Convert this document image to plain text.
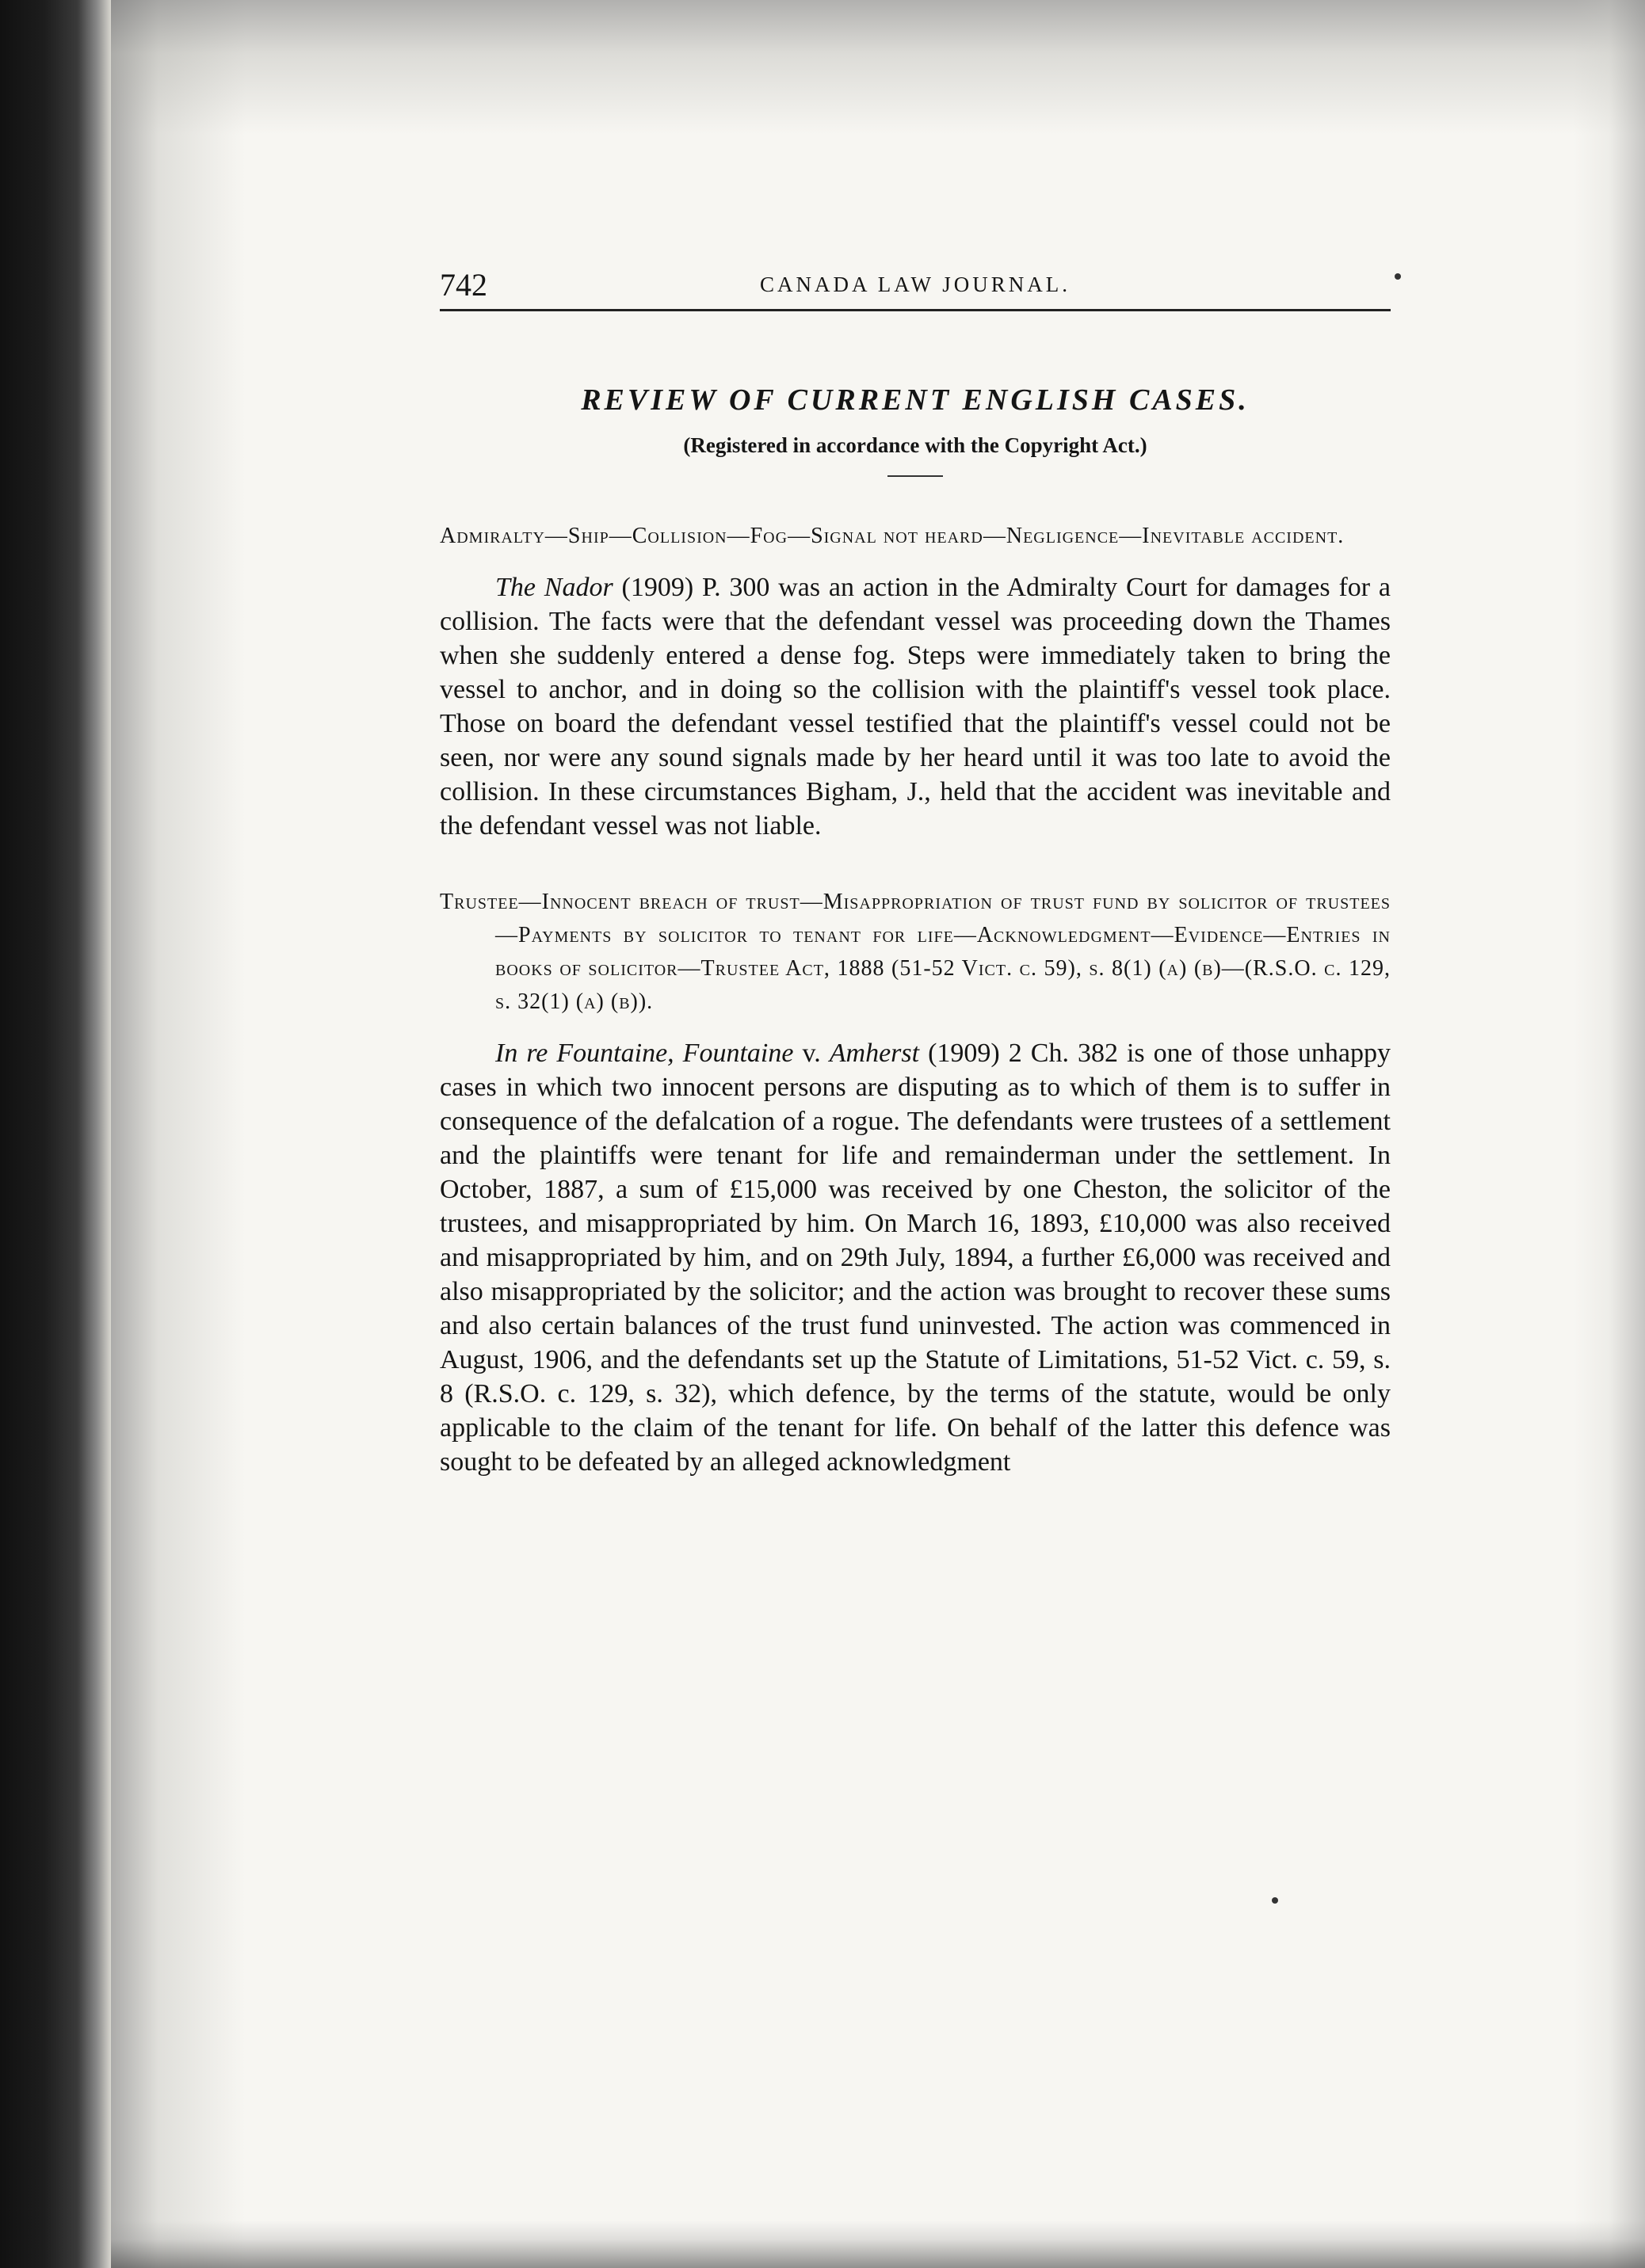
742	CANADA LAW JOURNAL.
REVIEW OF CURRENT ENGLISH CASES.
(Registered in accordance with the Copyright Act.)
Admiralty—Ship—Collision—Fog—Signal not heard—Negligence—Inevitable accident.
The Nador (1909) P. 300 was an action in the Admiralty Court for damages for a collision. The facts were that the defendant vessel was proceeding down the Thames when she suddenly entered a dense fog. Steps were immediately taken to bring the vessel to anchor, and in doing so the collision with the plaintiff's vessel took place. Those on board the defendant vessel testified that the plaintiff's vessel could not be seen, nor were any sound signals made by her heard until it was too late to avoid the collision. In these circumstances Bigham, J., held that the accident was inevitable and the defendant vessel was not liable.
Trustee—Innocent breach of trust—Misappropriation of trust fund by solicitor of trustees—Payments by solicitor to tenant for life—Acknowledgment—Evidence—Entries in books of solicitor—Trustee Act, 1888 (51-52 Vict. c. 59), s. 8(1) (a) (b)—(R.S.O. c. 129, s. 32(1) (a) (b)).
In re Fountaine, Fountaine v. Amherst (1909) 2 Ch. 382 is one of those unhappy cases in which two innocent persons are disputing as to which of them is to suffer in consequence of the defalcation of a rogue. The defendants were trustees of a settlement and the plaintiffs were tenant for life and remainderman under the settlement. In October, 1887, a sum of £15,000 was received by one Cheston, the solicitor of the trustees, and misappropriated by him. On March 16, 1893, £10,000 was also received and misappropriated by him, and on 29th July, 1894, a further £6,000 was received and also misappropriated by the solicitor; and the action was brought to recover these sums and also certain balances of the trust fund uninvested. The action was commenced in August, 1906, and the defendants set up the Statute of Limitations, 51-52 Vict. c. 59, s. 8 (R.S.O. c. 129, s. 32), which defence, by the terms of the statute, would be only applicable to the claim of the tenant for life. On behalf of the latter this defence was sought to be defeated by an alleged acknowledgment
